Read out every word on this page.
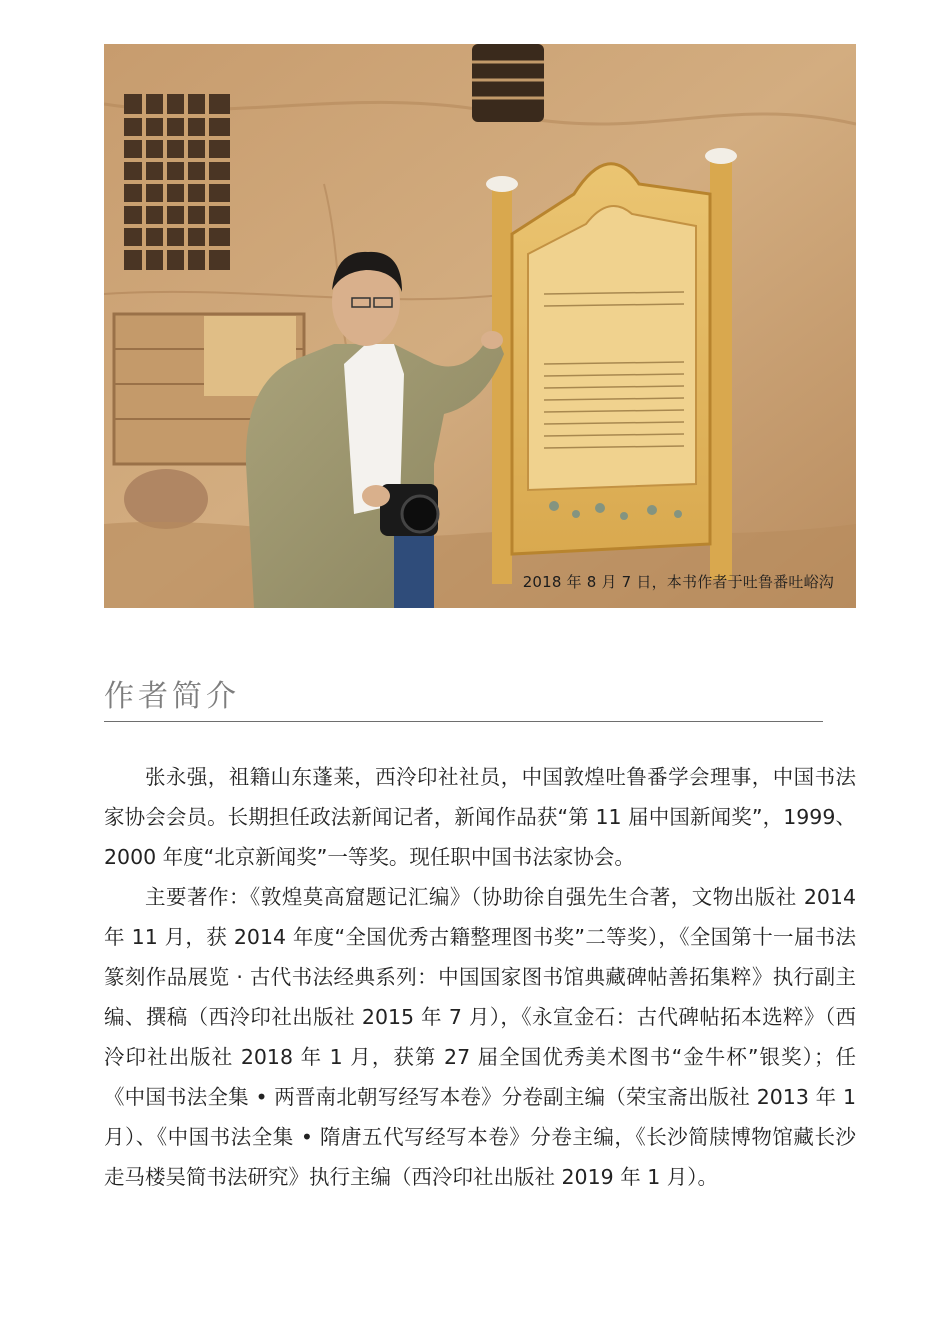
2018 年 8 月 7 日，本书作者于吐鲁番吐峪沟
作者简介

张永强，祖籍山东蓬莱，西泠印社社员，中国敦煌吐鲁番学会理事，中国书法家协会会员。长期担任政法新闻记者，新闻作品获“第 11 届中国新闻奖”，1999、2000 年度“北京新闻奖”一等奖。现任职中国书法家协会。

主要著作：《敦煌莫高窟题记汇编》（协助徐自强先生合著，文物出版社 2014 年 11 月，获 2014 年度“全国优秀古籍整理图书奖”二等奖），《全国第十一届书法篆刻作品展览 · 古代书法经典系列：中国国家图书馆典藏碑帖善拓集粹》执行副主编、撰稿（西泠印社出版社 2015 年 7 月），《永宣金石：古代碑帖拓本选粹》（西泠印社出版社 2018 年 1 月，获第 27 届全国优秀美术图书“金牛杯”银奖）；任《中国书法全集 • 两晋南北朝写经写本卷》分卷副主编（荣宝斋出版社 2013 年 1 月）、《中国书法全集 • 隋唐五代写经写本卷》分卷主编，《长沙简牍博物馆藏长沙走马楼吴简书法研究》执行主编（西泠印社出版社 2019 年 1 月）。
